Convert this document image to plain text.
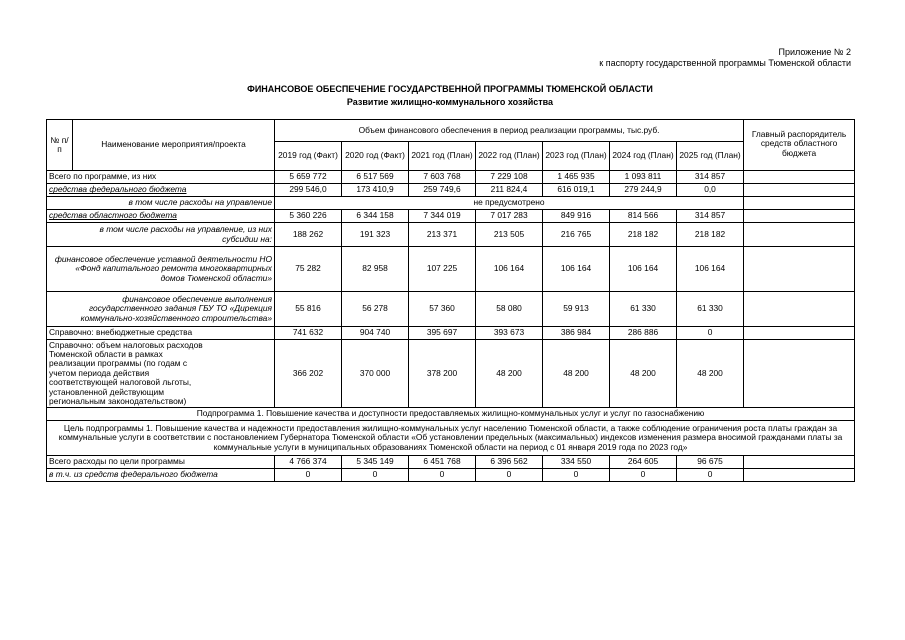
Приложение № 2
к паспорту государственной программы Тюменской области
ФИНАНСОВОЕ ОБЕСПЕЧЕНИЕ ГОСУДАРСТВЕННОЙ ПРОГРАММЫ ТЮМЕНСКОЙ ОБЛАСТИ
Развитие жилищно-коммунального хозяйства
№ п/п	Наименование мероприятия/проекта	Объем финансового обеспечения в период реализации программы, тыс.руб.							Главный распорядитель средств областного бюджета
		2019 год (Факт)	2020 год (Факт)	2021 год (План)	2022 год (План)	2023 год (План)	2024 год (План)	2025 год (План)	
Всего по программе, из них		5 659 772	6 517 569	7 603 768	7 229 108	1 465 935	1 093 811	314 857	
средства федерального бюджета		299 546,0	173 410,9	259 749,6	211 824,4	616 019,1	279 244,9	0,0	
в том числе расходы на управление		не предусмотрено							
средства областного бюджета		5 360 226	6 344 158	7 344 019	7 017 283	849 916	814 566	314 857	
в том числе расходы на управление, из них субсидии на:		188 262	191 323	213 371	213 505	216 765	218 182	218 182	
финансовое обеспечение уставной деятельности НО «Фонд капитального ремонта многоквартирных домов Тюменской области»		75 282	82 958	107 225	106 164	106 164	106 164	106 164	
финансовое обеспечение выполнения государственного задания ГБУ ТО «Дирекция коммунально-хозяйственного строительства»		55 816	56 278	57 360	58 080	59 913	61 330	61 330	
Справочно: внебюджетные средства		741 632	904 740	395 697	393 673	386 984	286 886	0	
Справочно: объем налоговых расходов Тюменской области в рамках реализации программы (по годам с учетом периода действия соответствующей налоговой льготы, установленной действующим региональным законодательством)		366 202	370 000	378 200	48 200	48 200	48 200	48 200	
Подпрограмма 1. Повышение качества и доступности предоставляемых жилищно-коммунальных услуг и услуг по газоснабжению									
Цель подпрограммы 1. Повышение качества и надежности предоставления жилищно-коммунальных услуг населению Тюменской области, а также соблюдение ограничения роста платы граждан за коммунальные услуги в соответствии с постановлением Губернатора Тюменской области «Об установлении предельных (максимальных) индексов изменения размера вносимой гражданами платы за коммунальные услуги в муниципальных образованиях Тюменской области на период с 01 января 2019 года по 2023 год»									
Всего расходы по цели программы		4 766 374	5 345 149	6 451 768	6 396 562	334 550	264 605	96 675	
в т.ч. из средств федерального бюджета		0	0	0	0	0	0	0	
